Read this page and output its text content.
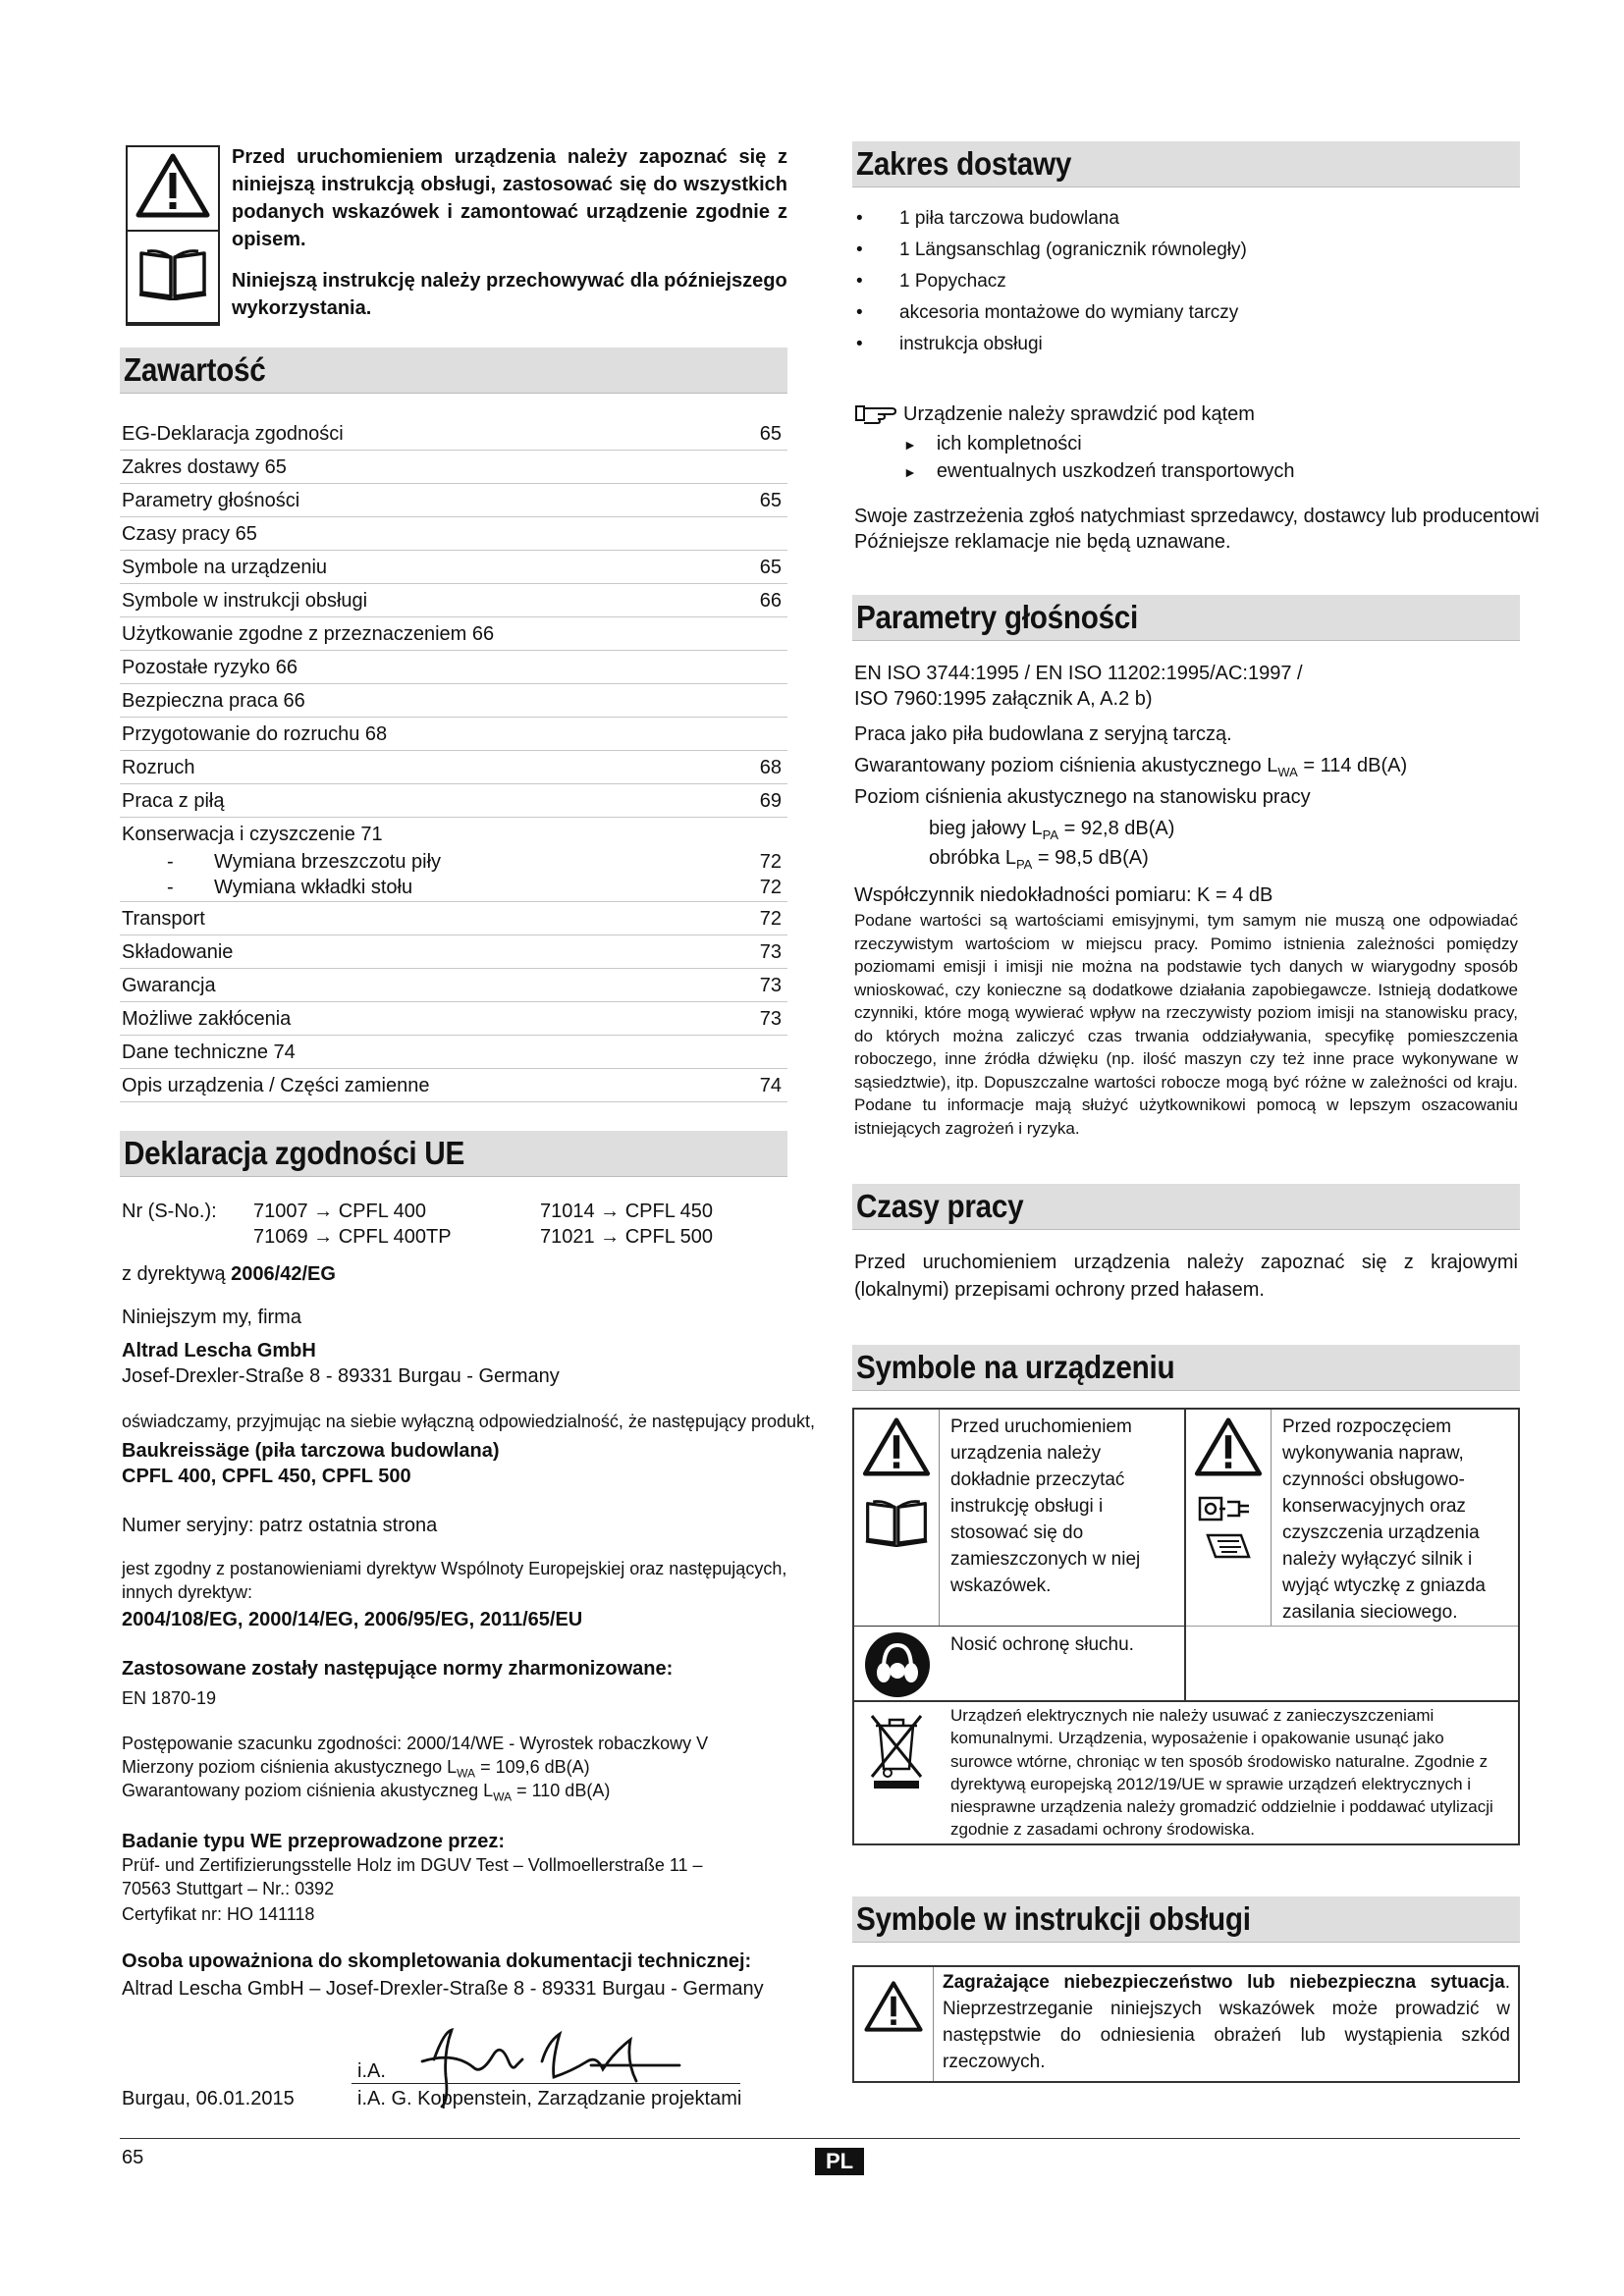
Przed uruchomieniem urządzenia należy zapoznać się z niniejszą instrukcją obsługi, zastosować się do wszystkich podanych wskazówek i zamontować urządzenie zgodnie z opisem.
Niniejszą instrukcję należy przechowywać dla późniejszego wykorzystania.
Zawartość
EG-Deklaracja zgodności	65
Zakres dostawy 65
Parametry głośności	65
Czasy pracy 65
Symbole na urządzeniu	65
Symbole w instrukcji obsługi	66
Użytkowanie zgodne z przeznaczeniem 66
Pozostałe ryzyko 66
Bezpieczna praca 66
Przygotowanie do rozruchu 68
Rozruch	68
Praca z piłą	69
Konserwacja i czyszczenie 71
- Wymiana brzeszczotu piły	72
- Wymiana wkładki stołu	72
Transport	72
Składowanie	73
Gwarancja	73
Możliwe zakłócenia	73
Dane techniczne 74
Opis urządzenia / Części zamienne	74
Deklaracja zgodności UE
Nr (S-No.): 71007 → CPFL 400
71069 → CPFL 400TP
71014 → CPFL 450
71021 → CPFL 500
z dyrektywą 2006/42/EG
Niniejszym my, firma
Altrad Lescha GmbH
Josef-Drexler-Straße 8 - 89331 Burgau - Germany
oświadczamy, przyjmując na siebie wyłączną odpowiedzialność, że następujący produkt,
Baukreissäge (piła tarczowa budowlana)
CPFL 400, CPFL 450, CPFL 500
Numer seryjny: patrz ostatnia strona
jest zgodny z postanowieniami dyrektyw Wspólnoty Europejskiej oraz następujących,
innych dyrektyw:
2004/108/EG, 2000/14/EG, 2006/95/EG, 2011/65/EU
Zastosowane zostały następujące normy zharmonizowane:
EN 1870-19
Postępowanie szacunku zgodności: 2000/14/WE - Wyrostek robaczkowy V
Mierzony poziom ciśnienia akustycznego $L_{WA} = 109,6$ dB(A)
Gwarantowany poziom ciśnienia akustyczneg $L_{WA} = 110$ dB(A)
Badanie typu WE przeprowadzone przez:
Prüf- und Zertifizierungsstelle Holz im DGUV Test – Vollmoellerstraße 11 –
70563 Stuttgart – Nr.: 0392
Certyfikat nr: HO 141118
Osoba upoważniona do skompletowania dokumentacji technicznej:
Altrad Lescha GmbH – Josef-Drexler-Straße 8 - 89331 Burgau - Germany
i.A.
Burgau, 06.01.2015	i.A. G. Koppenstein, Zarządzanie projektami
Zakres dostawy
• 1 piła tarczowa budowlana
• 1 Längsanschlag (ogranicznik równoległy)
• 1 Popychacz
• akcesoria montażowe do wymiany tarczy
• instrukcja obsługi
Urządzenie należy sprawdzić pod kątem
► ich kompletności
► ewentualnych uszkodzeń transportowych
Swoje zastrzeżenia zgłoś natychmiast sprzedawcy, dostawcy lub producentowi
Późniejsze reklamacje nie będą uznawane.
Parametry głośności
EN ISO 3744:1995 / EN ISO 11202:1995/AC:1997 /
ISO 7960:1995 załącznik A, A.2 b)
Praca jako piła budowlana z seryjną tarczą.
Gwarantowany poziom ciśnienia akustycznego $L_{WA} = 114$ dB(A)
Poziom ciśnienia akustycznego na stanowisku pracy
bieg jałowy $L_{PA} = 92,8$ dB(A)
obróbka $L_{PA} = 98,5$ dB(A)
Współczynnik niedokładności pomiaru: K = 4 dB
Podane wartości są wartościami emisyjnymi, tym samym nie muszą one odpowiadać rzeczywistym wartościom w miejscu pracy. Pomimo istnienia zależności pomiędzy poziomami emisji i imisji nie można na podstawie tych danych w wiarygodny sposób wnioskować, czy konieczne są dodatkowe działania zapobiegawcze. Istnieją dodatkowe czynniki, które mogą wywierać wpływ na rzeczywisty poziom imisji na stanowisku pracy, do których można zaliczyć czas trwania oddziaływania, specyfikę pomieszczenia roboczego, inne źródła dźwięku (np. ilość maszyn czy też inne prace wykonywane w sąsiedztwie), itp. Dopuszczalne wartości robocze mogą być różne w zależności od kraju. Podane tu informacje mają służyć użytkownikowi pomocą w lepszym oszacowaniu istniejących zagrożeń i ryzyka.
Czasy pracy
Przed uruchomieniem urządzenia należy zapoznać się z krajowymi (lokalnymi) przepisami ochrony przed hałasem.
Symbole na urządzeniu
Przed uruchomieniem urządzenia należy dokładnie przeczytać instrukcję obsługi i stosować się do zamieszczonych w niej wskazówek.
Przed rozpoczęciem wykonywania napraw, czynności obsługowo-konserwacyjnych oraz czyszczenia urządzenia należy wyłączyć silnik i wyjąć wtyczkę z gniazda zasilania sieciowego.
Nosić ochronę słuchu.
Urządzeń elektrycznych nie należy usuwać z zanieczyszczeniami komunalnymi. Urządzenia, wyposażenie i opakowanie usunąć jako surowce wtórne, chroniąc w ten sposób środowisko naturalne. Zgodnie z dyrektywą europejską 2012/19/UE w sprawie urządzeń elektrycznych i niesprawne urządzenia należy gromadzić oddzielnie i poddawać utylizacji zgodnie z zasadami ochrony środowiska.
Symbole w instrukcji obsługi
Zagrażające niebezpieczeństwo lub niebezpieczna sytuacja. Nieprzestrzeganie niniejszych wskazówek może prowadzić w następstwie do odniesienia obrażeń lub wystąpienia szkód rzeczowych.
65	PL
